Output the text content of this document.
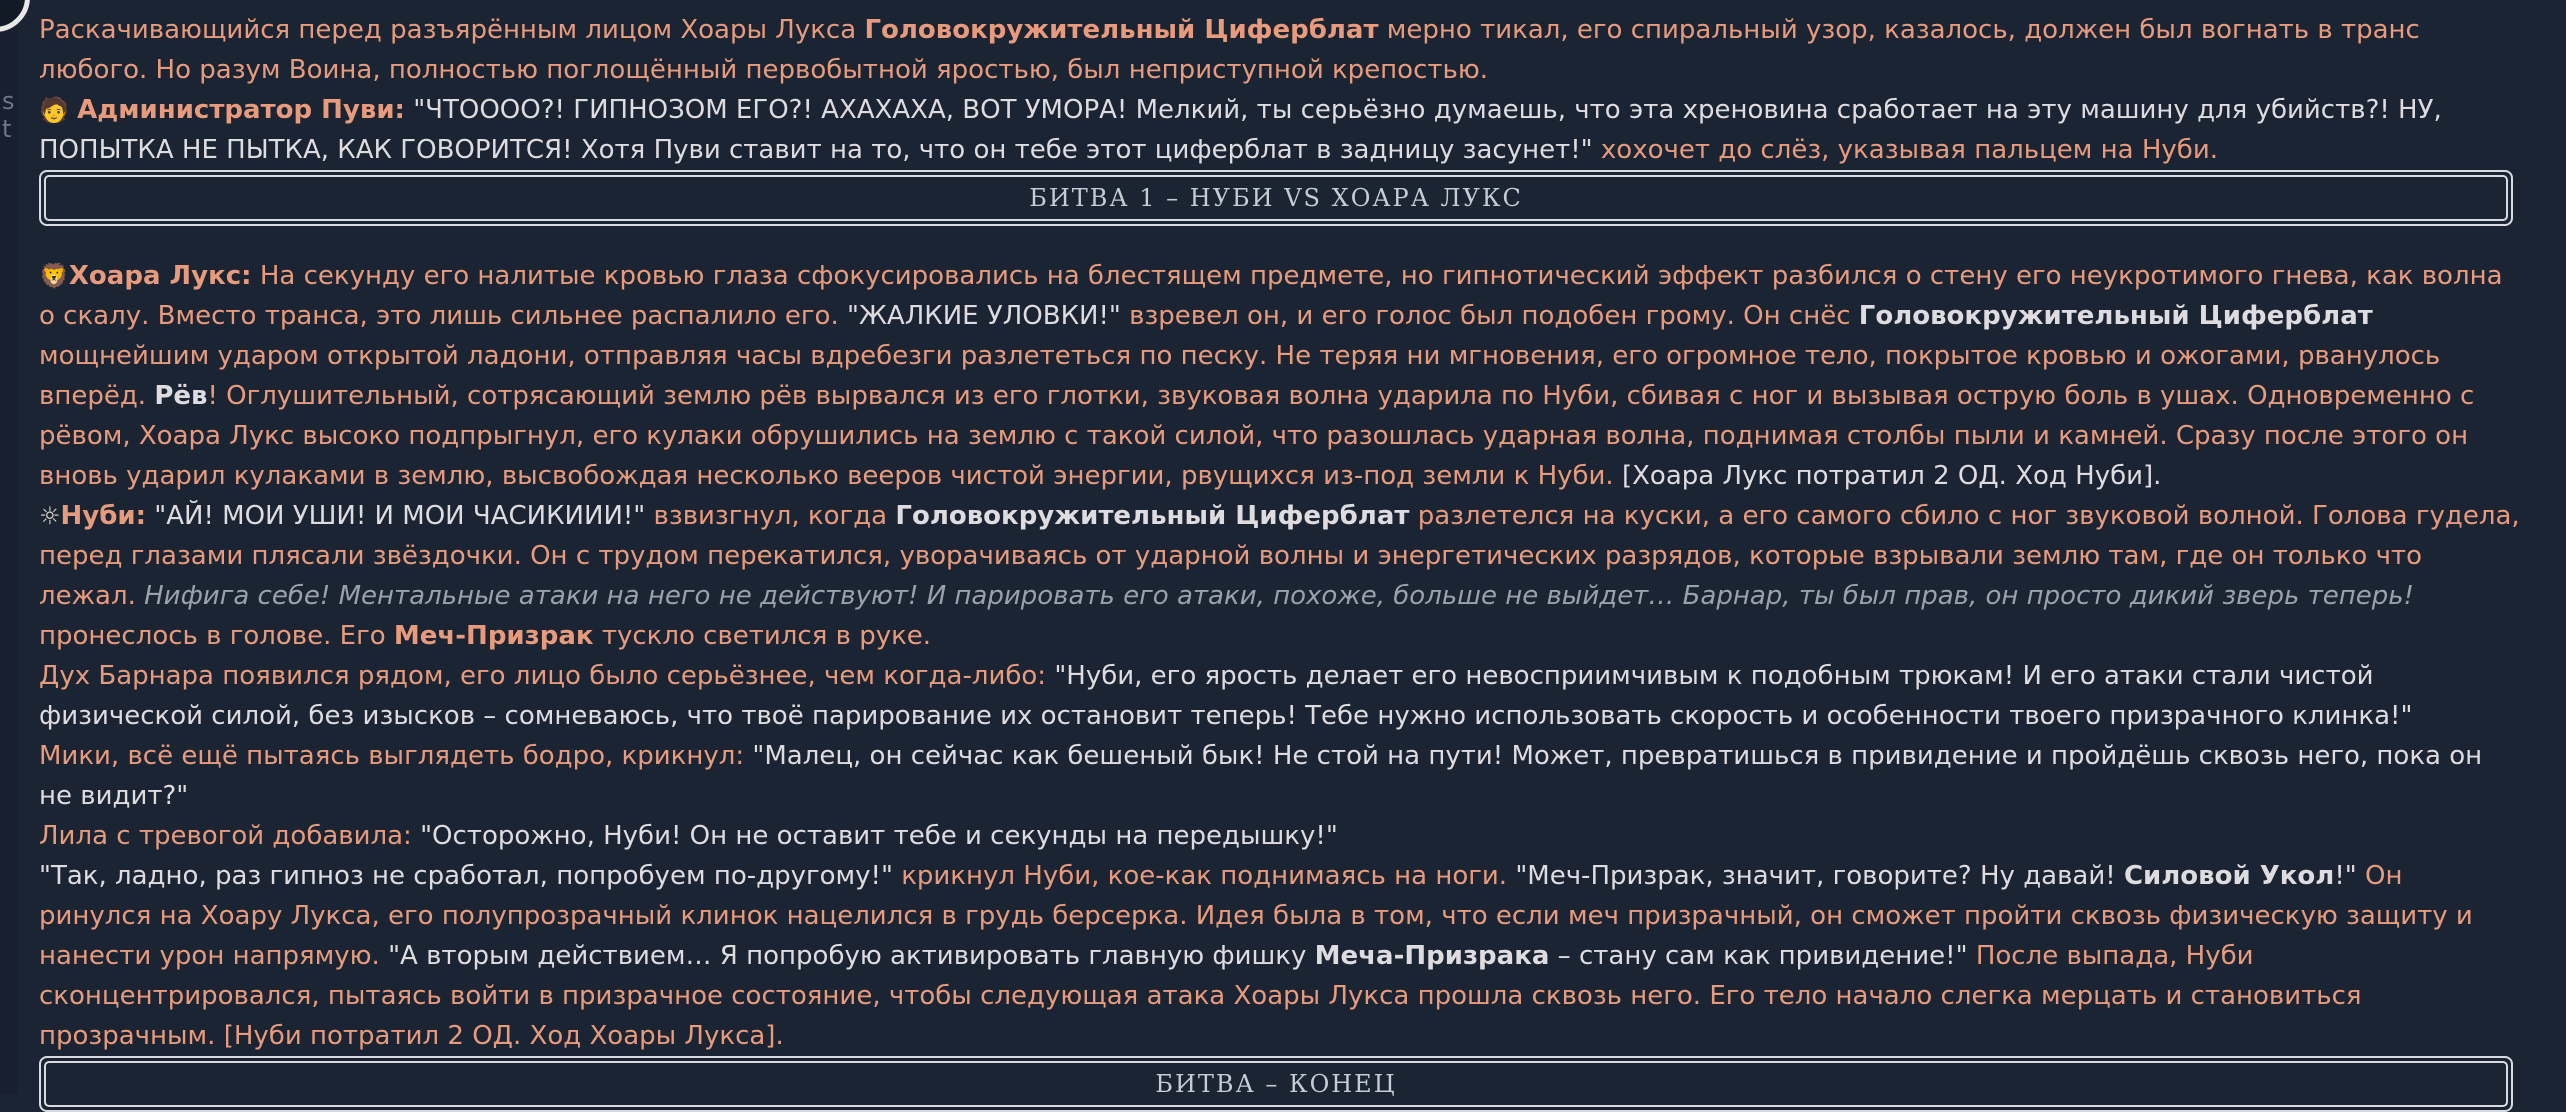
s
t

Раскачивающийся перед разъярённым лицом Хоары Лукса Головокружительный Циферблат мерно тикал, его спиральный узор, казалось, должен был вогнать в транс любого. Но разум Воина, полностью поглощённый первобытной яростью, был неприступной крепостью.

🧑 Администратор Пуви: "ЧТОООО?! ГИПНОЗОМ ЕГО?! АХАХАХА, ВОТ УМОРА! Мелкий, ты серьёзно думаешь, что эта хреновина сработает на эту машину для убийств?! НУ, ПОПЫТКА НЕ ПЫТКА, КАК ГОВОРИТСЯ! Хотя Пуви ставит на то, что он тебе этот циферблат в задницу засунет!" хохочет до слёз, указывая пальцем на Нуби.

БИТВА 1 – НУБИ VS ХОАРА ЛУКС

🦁Хоара Лукс: На секунду его налитые кровью глаза сфокусировались на блестящем предмете, но гипнотический эффект разбился о стену его неукротимого гнева, как волна о скалу. Вместо транса, это лишь сильнее распалило его. "ЖАЛКИЕ УЛОВКИ!" взревел он, и его голос был подобен грому. Он снёс Головокружительный Циферблат мощнейшим ударом открытой ладони, отправляя часы вдребезги разлететься по песку. Не теряя ни мгновения, его огромное тело, покрытое кровью и ожогами, рванулось вперёд. Рёв! Оглушительный, сотрясающий землю рёв вырвался из его глотки, звуковая волна ударила по Нуби, сбивая с ног и вызывая острую боль в ушах. Одновременно с рёвом, Хоара Лукс высоко подпрыгнул, его кулаки обрушились на землю с такой силой, что разошлась ударная волна, поднимая столбы пыли и камней. Сразу после этого он вновь ударил кулаками в землю, высвобождая несколько вееров чистой энергии, рвущихся из-под земли к Нуби. [Хоара Лукс потратил 2 ОД. Ход Нуби].

☼Нуби: "АЙ! МОИ УШИ! И МОИ ЧАСИКИИИ!" взвизгнул, когда Головокружительный Циферблат разлетелся на куски, а его самого сбило с ног звуковой волной. Голова гудела, перед глазами плясали звёздочки. Он с трудом перекатился, уворачиваясь от ударной волны и энергетических разрядов, которые взрывали землю там, где он только что лежал. Нифига себе! Ментальные атаки на него не действуют! И парировать его атаки, похоже, больше не выйдет… Барнар, ты был прав, он просто дикий зверь теперь! пронеслось в голове. Его Меч-Призрак тускло светился в руке.

Дух Барнара появился рядом, его лицо было серьёзнее, чем когда-либо: "Нуби, его ярость делает его невосприимчивым к подобным трюкам! И его атаки стали чистой физической силой, без изысков – сомневаюсь, что твоё парирование их остановит теперь! Тебе нужно использовать скорость и особенности твоего призрачного клинка!"

Мики, всё ещё пытаясь выглядеть бодро, крикнул: "Малец, он сейчас как бешеный бык! Не стой на пути! Может, превратишься в привидение и пройдёшь сквозь него, пока он не видит?"

Лила с тревогой добавила: "Осторожно, Нуби! Он не оставит тебе и секунды на передышку!"

"Так, ладно, раз гипноз не сработал, попробуем по-другому!" крикнул Нуби, кое-как поднимаясь на ноги. "Меч-Призрак, значит, говорите? Ну давай! Силовой Укол!" Он ринулся на Хоару Лукса, его полупрозрачный клинок нацелился в грудь берсерка. Идея была в том, что если меч призрачный, он сможет пройти сквозь физическую защиту и нанести урон напрямую. "А вторым действием… Я попробую активировать главную фишку Меча-Призрака – стану сам как привидение!" После выпада, Нуби сконцентрировался, пытаясь войти в призрачное состояние, чтобы следующая атака Хоары Лукса прошла сквозь него. Его тело начало слегка мерцать и становиться прозрачным. [Нуби потратил 2 ОД. Ход Хоары Лукса].

БИТВА – КОНЕЦ
